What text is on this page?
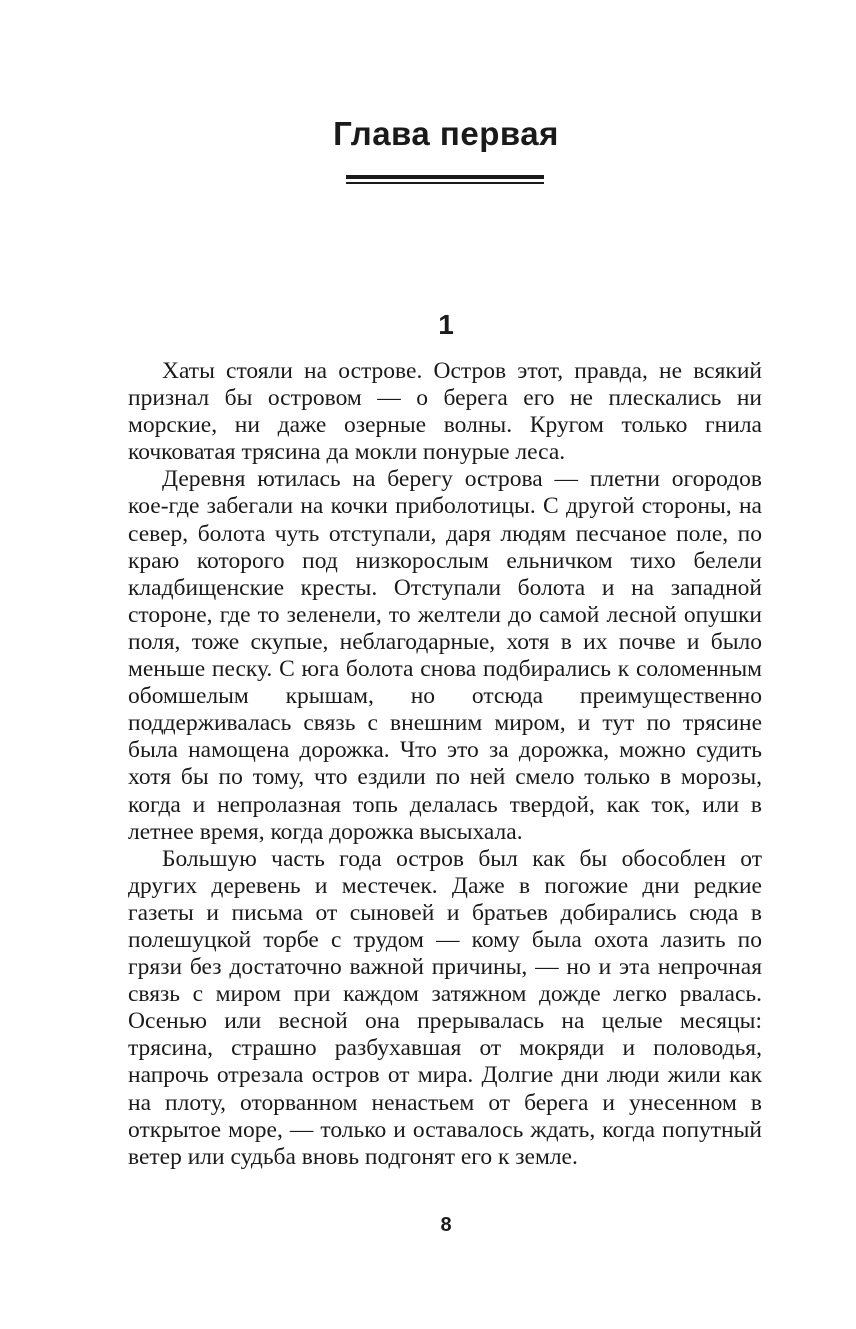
Глава первая
1

Хаты стояли на острове. Остров этот, правда, не всякий признал бы островом — о берега его не плескались ни морские, ни даже озерные волны. Кругом только гнила кочковатая трясина да мокли понурые леса.

Деревня ютилась на берегу острова — плетни огородов кое-где забегали на кочки приболотицы. С другой стороны, на север, болота чуть отступали, даря людям песчаное поле, по краю которого под низкорослым ельничком тихо белели кладбищенские кресты. Отступали болота и на западной стороне, где то зеленели, то желтели до самой лесной опушки поля, тоже скупые, неблагодарные, хотя в их почве и было меньше песку. С юга болота снова подбирались к соломенным обомшелым крышам, но отсюда преимущественно поддерживалась связь с внешним миром, и тут по трясине была намощена дорожка. Что это за дорожка, можно судить хотя бы по тому, что ездили по ней смело только в морозы, когда и непролазная топь делалась твердой, как ток, или в летнее время, когда дорожка высыхала.

Большую часть года остров был как бы обособлен от других деревень и местечек. Даже в погожие дни редкие газеты и письма от сыновей и братьев добирались сюда в полешуцкой торбе с трудом — кому была охота лазить по грязи без достаточно важной причины, — но и эта непрочная связь с миром при каждом затяжном дожде легко рвалась. Осенью или весной она прерывалась на целые месяцы: трясина, страшно разбухавшая от мокряди и половодья, напрочь отрезала остров от мира. Долгие дни люди жили как на плоту, оторванном ненастьем от берега и унесенном в открытое море, — только и оставалось ждать, когда попутный ветер или судьба вновь подгонят его к земле.

8
